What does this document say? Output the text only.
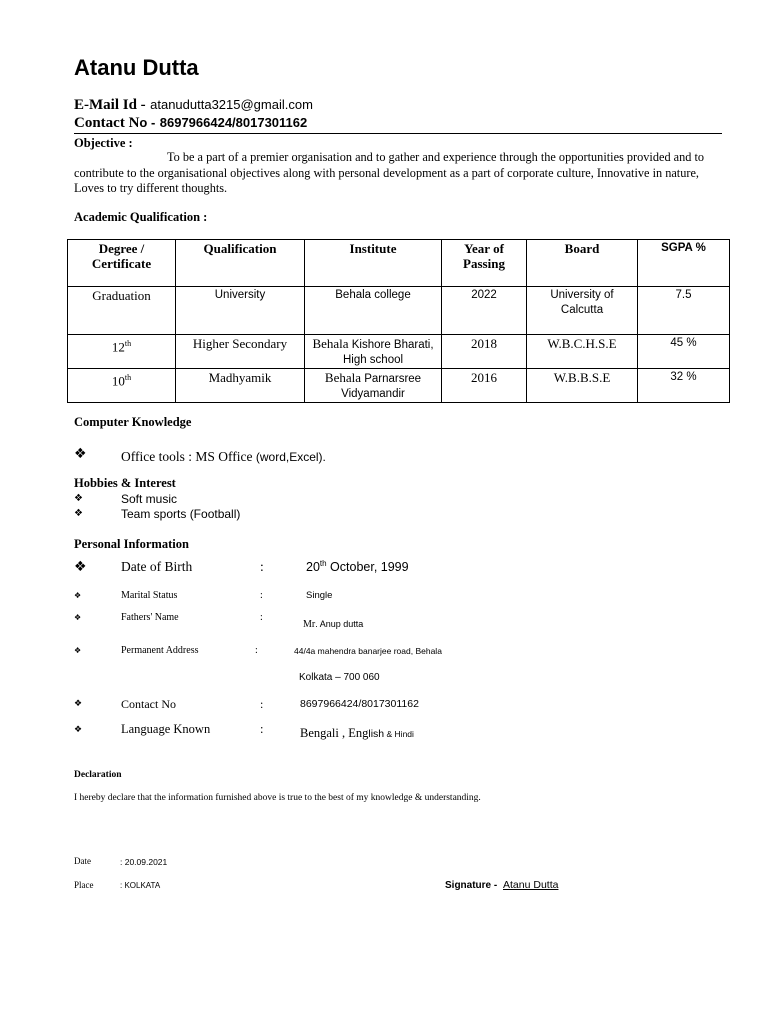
Atanu Dutta
E-Mail Id - atanudutta3215@gmail.com
Contact No - 8697966424/8017301162
Objective :
To be a part of a premier organisation and to gather and experience through the opportunities provided and to contribute to the organisational objectives along with personal development as a part of corporate culture, Innovative in nature, Loves to try different thoughts.
Academic Qualification :
Degree / Certificate	Qualification	Institute	Year of Passing	Board	SGPA %
Graduation	University	Behala college	2022	University of Calcutta	7.5
12th	Higher Secondary	Behala Kishore Bharati, High school	2018	W.B.C.H.S.E	45 %
10th	Madhyamik	Behala Parnarsree Vidyamandir	2016	W.B.B.S.E	32 %
Computer Knowledge
❖	Office tools : MS Office (word,Excel).
Hobbies & Interest
❖	Soft music
❖	Team sports (Football)
Personal Information
❖	Date of Birth	:	20th October, 1999
❖	Marital Status	:	Single
❖	Fathers' Name	:
Mr. Anup dutta
❖	Permanent Address	:	44/4a mahendra banarjee road, Behala
Kolkata – 700 060
❖	Contact No	:	8697966424/8017301162
❖	Language Known	:	Bengali , English & Hindi
Declaration
I hereby declare that the information furnished above is true to the best of my knowledge & understanding.
Date	: 20.09.2021
Place	: KOLKATA	Signature - Atanu Dutta
